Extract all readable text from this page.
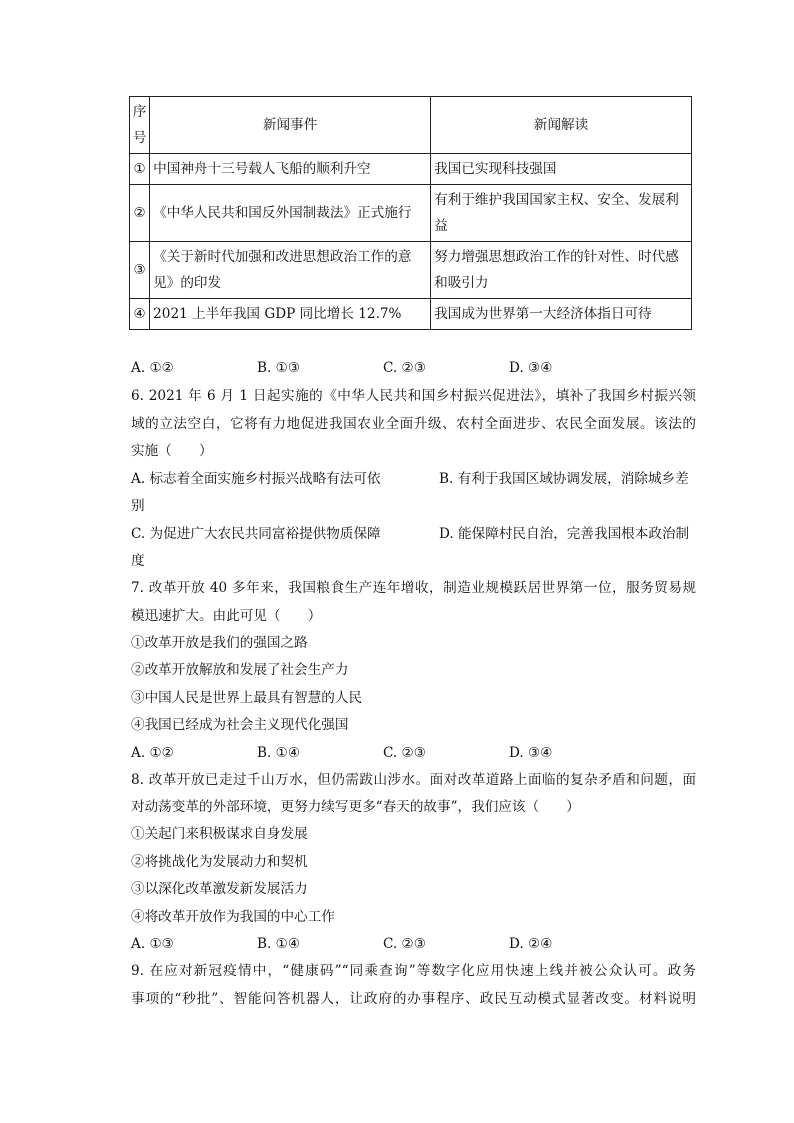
序号	新闻事件	新闻解读
①	中国神舟十三号载人飞船的顺利升空	我国已实现科技强国
②	《中华人民共和国反外国制裁法》正式施行	有利于维护我国国家主权、安全、发展利益
③	《关于新时代加强和改进思想政治工作的意见》的印发	努力增强思想政治工作的针对性、时代感和吸引力
④	2021 上半年我国 GDP 同比增长 12.7%	我国成为世界第一大经济体指日可待
A. ①②	B. ①③	C. ②③	D. ③④
6. 2021 年 6 月 1 日起实施的《中华人民共和国乡村振兴促进法》，填补了我国乡村振兴领
域的立法空白，它将有力地促进我国农业全面升级、农村全面进步、农民全面发展。该法的
实施（　　）
A. 标志着全面实施乡村振兴战略有法可依	B. 有利于我国区域协调发展，消除城乡差
别
C. 为促进广大农民共同富裕提供物质保障	D. 能保障村民自治，完善我国根本政治制
度
7. 改革开放 40 多年来，我国粮食生产连年增收，制造业规模跃居世界第一位，服务贸易规
模迅速扩大。由此可见（　　）
①改革开放是我们的强国之路
②改革开放解放和发展了社会生产力
③中国人民是世界上最具有智慧的人民
④我国已经成为社会主义现代化强国
A. ①②	B. ①④	C. ②③	D. ③④
8. 改革开放已走过千山万水，但仍需跋山涉水。面对改革道路上面临的复杂矛盾和问题，面
对动荡变革的外部环境，更努力续写更多“春天的故事”，我们应该（　　）
①关起门来积极谋求自身发展
②将挑战化为发展动力和契机
③以深化改革激发新发展活力
④将改革开放作为我国的中心工作
A. ①③	B. ①④	C. ②③	D. ②④
9. 在应对新冠疫情中，“健康码”“同乘查询”等数字化应用快速上线并被公众认可。政务
事项的“秒批”、智能问答机器人，让政府的办事程序、政民互动模式显著改变。材料说明
